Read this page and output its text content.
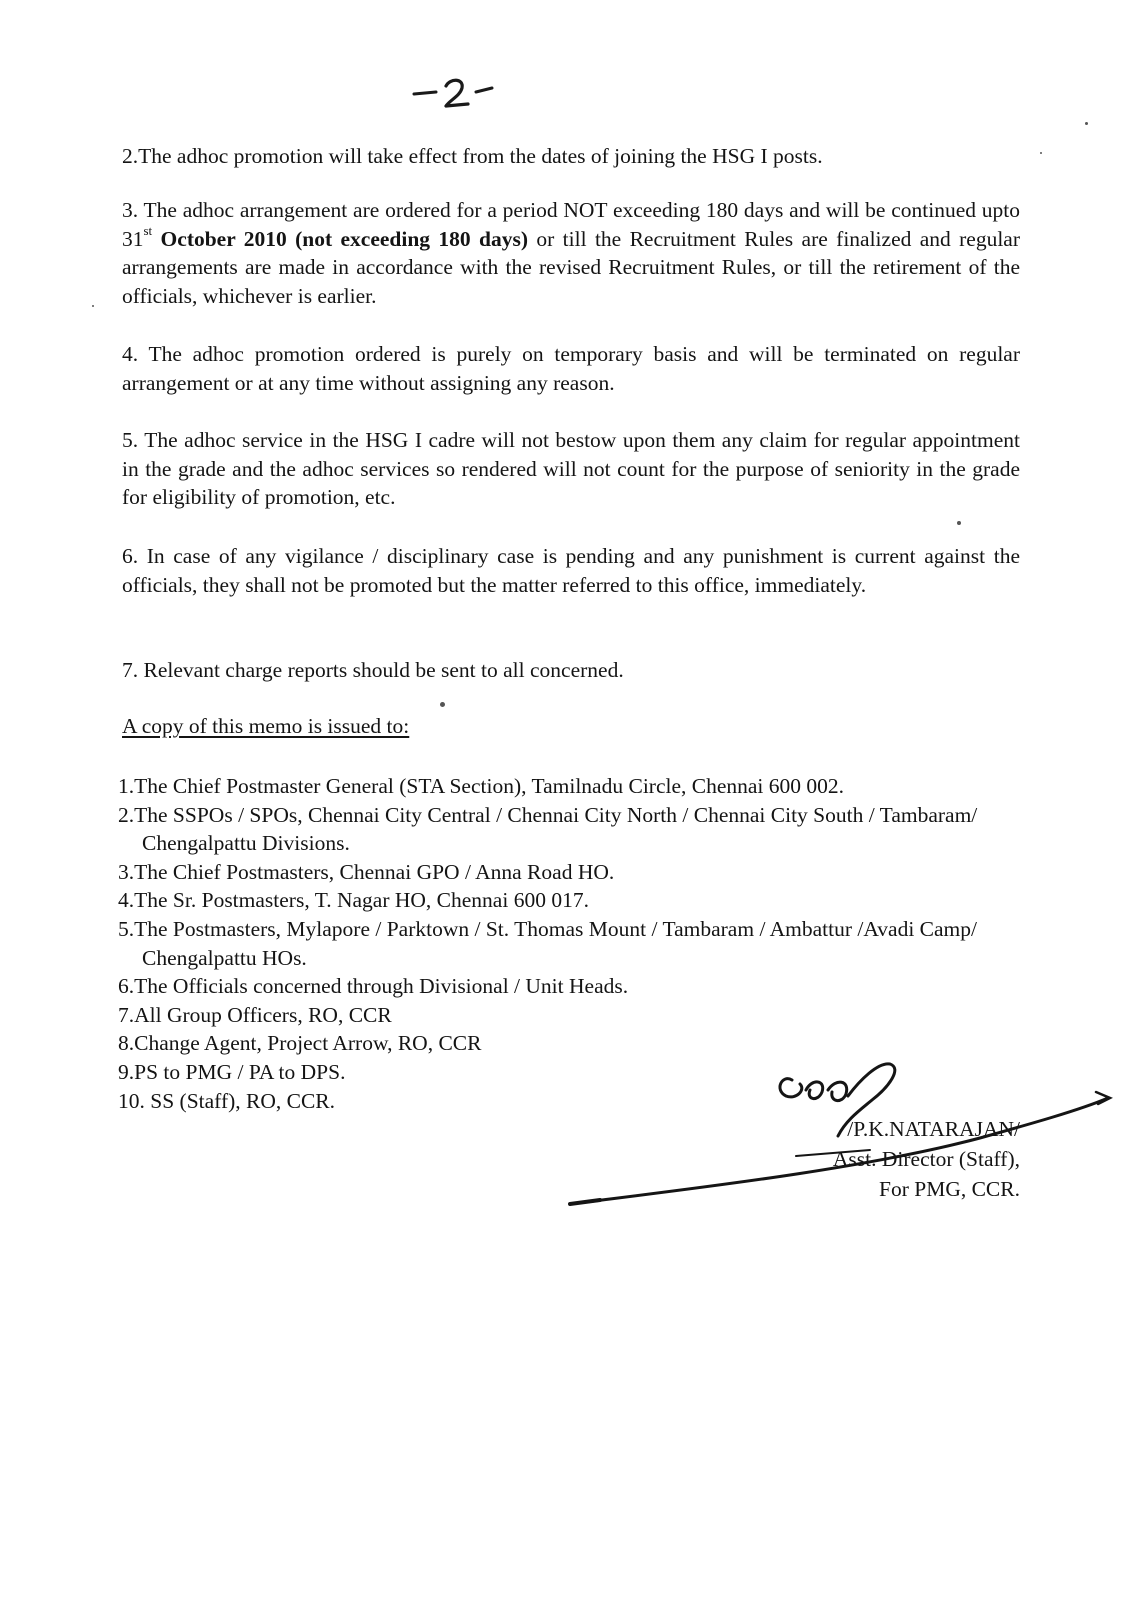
2.The adhoc promotion will take effect from the dates of joining the HSG I posts.

3. The adhoc arrangement are ordered for a period NOT exceeding 180 days and will be continued upto 31st October 2010 (not exceeding 180 days) or till the Recruitment Rules are finalized and regular arrangements are made in accordance with the revised Recruitment Rules, or till the retirement of the officials, whichever is earlier.

4. The adhoc promotion ordered is purely on temporary basis and will be terminated on regular arrangement or at any time without assigning any reason.

5. The adhoc service in the HSG I cadre will not bestow upon them any claim for regular appointment in the grade and the adhoc services so rendered will not count for the purpose of seniority in the grade for eligibility of promotion, etc.

6. In case of any vigilance / disciplinary case is pending and any punishment is current against the officials, they shall not be promoted but the matter referred to this office, immediately.

7. Relevant charge reports should be sent to all concerned.

A copy of this memo is issued to:

1.The Chief Postmaster General (STA Section), Tamilnadu Circle, Chennai 600 002.
2.The SSPOs / SPOs, Chennai City Central / Chennai City North / Chennai City South / Tambaram/ Chengalpattu Divisions.
3.The Chief Postmasters, Chennai GPO / Anna Road HO.
4.The Sr. Postmasters, T. Nagar HO, Chennai 600 017.
5.The Postmasters, Mylapore / Parktown / St. Thomas Mount / Tambaram / Ambattur /Avadi Camp/ Chengalpattu HOs.
6.The Officials concerned through Divisional / Unit Heads.
7.All Group Officers, RO, CCR
8.Change Agent, Project Arrow, RO, CCR
9.PS to PMG / PA to DPS.
10. SS (Staff), RO, CCR.
/P.K.NATARAJAN/
Asst. Director (Staff),
For PMG, CCR.
